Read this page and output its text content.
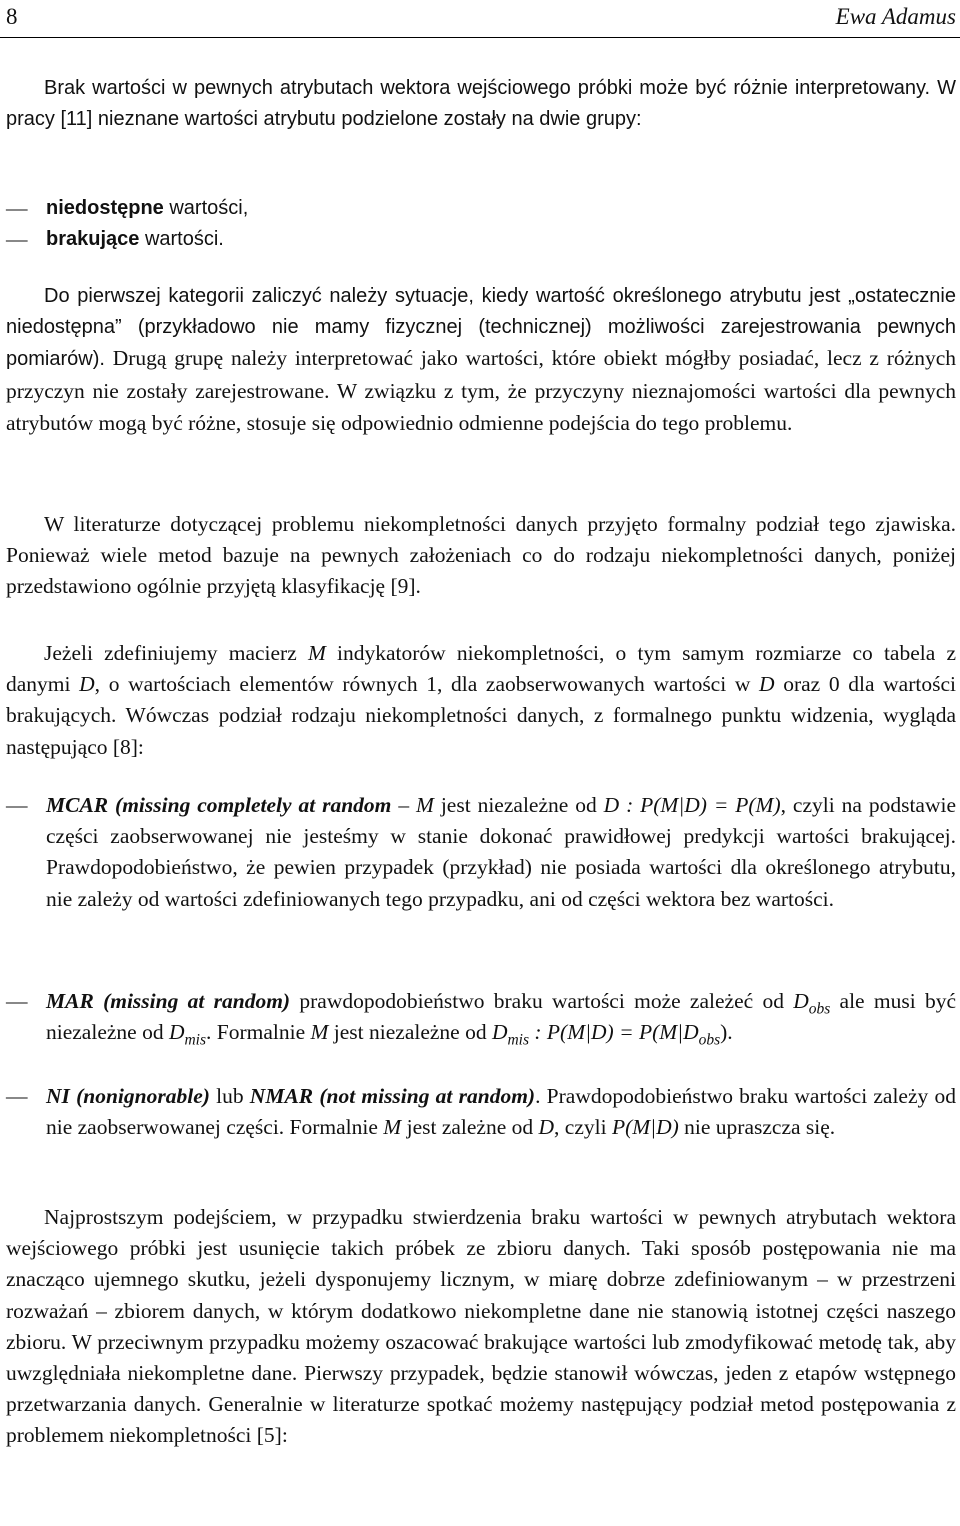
8	Ewa Adamus

Brak wartości w pewnych atrybutach wektora wejściowego próbki może być różnie interpretowany. W pracy [11] nieznane wartości atrybutu podzielone zostały na dwie grupy:

— niedostępne wartości,
— brakujące wartości.

Do pierwszej kategorii zaliczyć należy sytuacje, kiedy wartość określonego atrybutu jest „ostatecznie niedostępna” (przykładowo nie mamy fizycznej (technicznej) możliwości zarejestrowania pewnych pomiarów). Drugą grupę należy interpretować jako wartości, które obiekt mógłby posiadać, lecz z różnych przyczyn nie zostały zarejestrowane. W związku z tym, że przyczyny nieznajomości wartości dla pewnych atrybutów mogą być różne, stosuje się odpowiednio odmienne podejścia do tego problemu.

W literaturze dotyczącej problemu niekompletności danych przyjęto formalny podział tego zjawiska. Ponieważ wiele metod bazuje na pewnych założeniach co do rodzaju niekompletności danych, poniżej przedstawiono ogólnie przyjętą klasyfikację [9].

Jeżeli zdefiniujemy macierz M indykatorów niekompletności, o tym samym rozmiarze co tabela z danymi D, o wartościach elementów równych 1, dla zaobserwowanych wartości w D oraz 0 dla wartości brakujących. Wówczas podział rodzaju niekompletności danych, z formalnego punktu widzenia, wygląda następująco [8]:

— MCAR (missing completely at random – M jest niezależne od D : P(M|D) = P(M), czyli na podstawie części zaobserwowanej nie jesteśmy w stanie dokonać prawidłowej predykcji wartości brakującej. Prawdopodobieństwo, że pewien przypadek (przykład) nie posiada wartości dla określonego atrybutu, nie zależy od wartości zdefiniowanych tego przypadku, ani od części wektora bez wartości.
— MAR (missing at random) prawdopodobieństwo braku wartości może zależeć od $D_{obs}$ ale musi być niezależne od $D_{mis}$. Formalnie M jest niezależne od $D_{mis}$ : $P(M|D) = P(M|D_{obs})$.
— NI (nonignorable) lub NMAR (not missing at random). Prawdopodobieństwo braku wartości zależy od nie zaobserwowanej części. Formalnie M jest zależne od D, czyli P(M|D) nie upraszcza się.

Najprostszym podejściem, w przypadku stwierdzenia braku wartości w pewnych atrybutach wektora wejściowego próbki jest usunięcie takich próbek ze zbioru danych. Taki sposób postępowania nie ma znacząco ujemnego skutku, jeżeli dysponujemy licznym, w miarę dobrze zdefiniowanym – w przestrzeni rozważań – zbiorem danych, w którym dodatkowo niekompletne dane nie stanowią istotnej części naszego zbioru. W przeciwnym przypadku możemy oszacować brakujące wartości lub zmodyfikować metodę tak, aby uwzględniała niekompletne dane. Pierwszy przypadek, będzie stanowił wówczas, jeden z etapów wstępnego przetwarzania danych. Generalnie w literaturze spotkać możemy następujący podział metod postępowania z problemem niekompletności [5]:
